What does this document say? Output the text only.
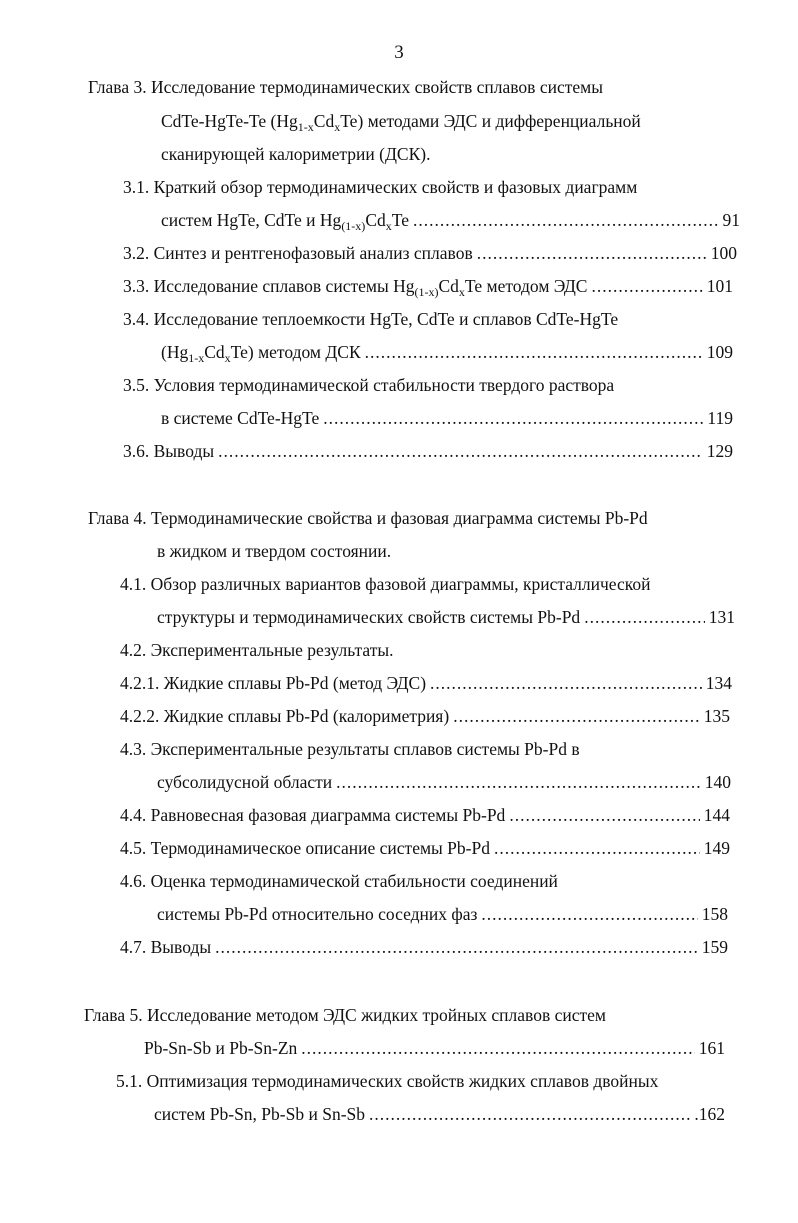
3
Глава 3. Исследование термодинамических свойств сплавов системы
CdTe-HgTe-Te $(Hg_{1-x}Cd_xTe)$ методами ЭДС и дифференциальной
сканирующей калориметрии (ДСК).
3.1. Краткий обзор термодинамических свойств и фазовых диаграмм
систем HgTe, CdTe и $Hg_{(1-x)}Cd_xTe$ .....	91
3.2. Синтез и рентгенофазовый анализ сплавов .....	100
3.3. Исследование сплавов системы $Hg_{(1-x)}Cd_xTe$ методом ЭДС .....	101
3.4. Исследование теплоемкости HgTe, CdTe и сплавов CdTe-HgTe
$(Hg_{1-x}Cd_xTe)$ методом ДСК .....	109
3.5. Условия термодинамической стабильности твердого раствора
в системе CdTe-HgTe .....	119
3.6. Выводы .....	129
Глава 4. Термодинамические свойства и фазовая диаграмма системы Pb-Pd
в жидком и твердом состоянии.
4.1. Обзор различных вариантов фазовой диаграммы, кристаллической
структуры и термодинамических свойств системы Pb-Pd .....	131
4.2. Экспериментальные результаты.
4.2.1. Жидкие сплавы Pb-Pd (метод ЭДС) .....	134
4.2.2. Жидкие сплавы Pb-Pd (калориметрия) .....	135
4.3. Экспериментальные результаты сплавов системы Pb-Pd в
субсолидусной области .....	140
4.4. Равновесная фазовая диаграмма системы Pb-Pd .....	144
4.5. Термодинамическое описание системы Pb-Pd .....	149
4.6. Оценка термодинамической стабильности соединений
системы Pb-Pd относительно соседних фаз .....	158
4.7. Выводы .....	159
Глава 5. Исследование методом ЭДС жидких тройных сплавов систем
Pb-Sn-Sb и Pb-Sn-Zn .....	161
5.1. Оптимизация термодинамических свойств жидких сплавов двойных
систем Pb-Sn, Pb-Sb и Sn-Sb .....	.162
